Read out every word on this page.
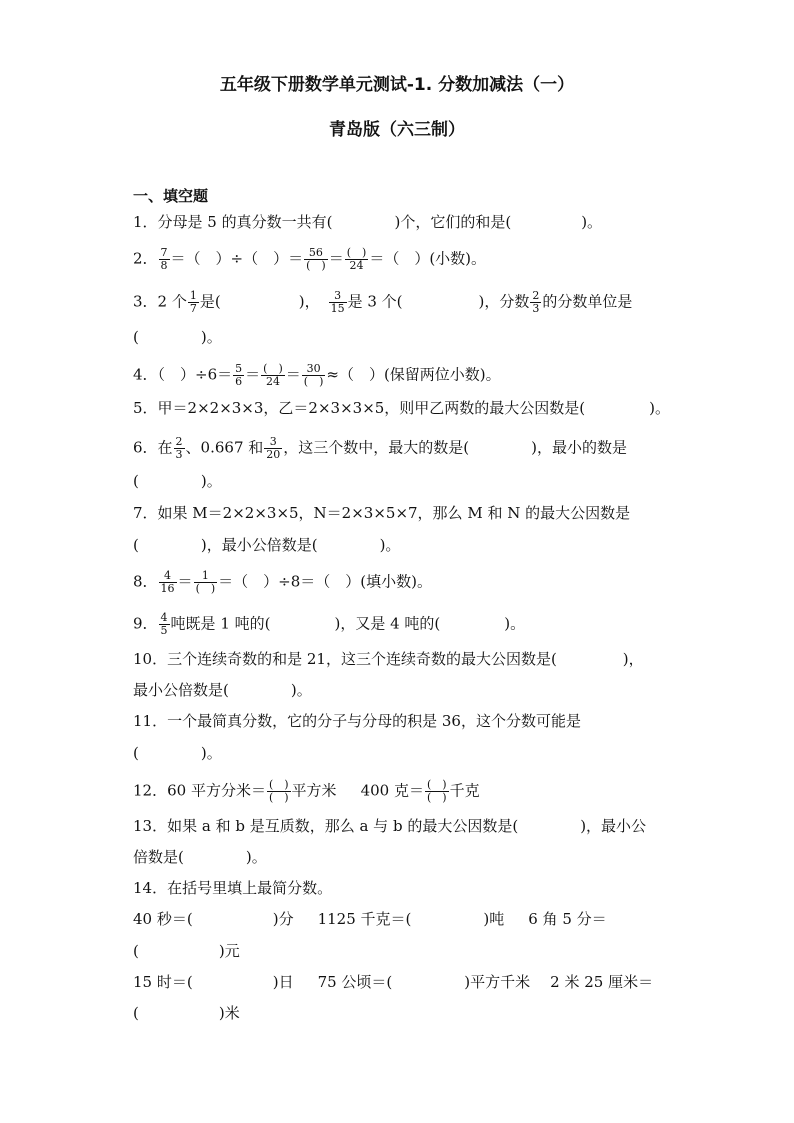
五年级下册数学单元测试-1. 分数加减法（一）
青岛版（六三制）
一、填空题
1．分母是 5 的真分数一共有(	)个，它们的和是(	)。
2． $\frac{7}{8}$ ＝（　）÷（　）＝ $\frac{56}{( )} = \frac{( )}{24}$ ＝（　）(小数)。
3．2 个 $\frac{1}{7}$ 是(	)， $\frac{3}{15}$ 是 3 个(	)，分数 $\frac{2}{3}$ 的分数单位是
(	)。
4．（　）$\div 6= \frac{5}{6} = \frac{( )}{24} = \frac{30}{( )}$ ≈（　）(保留两位小数)。
5．甲＝2×2×3×3，乙＝2×3×3×5，则甲乙两数的最大公因数是(	)。
6．在 $\frac{2}{3}$ 、0.667 和 $\frac{3}{20}$ ，这三个数中，最大的数是(	)，最小的数是
(	)。
7．如果 M＝2×2×3×5，N＝2×3×5×7，那么 M 和 N 的最大公因数是
(	)，最小公倍数是(	)。
8． $\frac{4}{16} = \frac{1}{( )}$ ＝（　）÷8＝（　）(填小数)。
9． $\frac{4}{5}$ 吨既是 1 吨的(	)，又是 4 吨的(	)。
10．三个连续奇数的和是 21，这三个连续奇数的最大公因数是(	)，
最小公倍数是(	)。
11．一个最简真分数，它的分子与分母的积是 36，这个分数可能是
(	)。
12．60 平方分米＝ $\frac{( )}{( )}$ 平方米 400 克＝ $\frac{( )}{( )}$ 千克
13．如果 a 和 b 是互质数，那么 a 与 b 的最大公因数是(	)，最小公
倍数是(	)。
14．在括号里填上最简分数。
40 秒＝(	)分 1125 千克＝(	)吨 6 角 5 分＝
(	)元
15 时＝(	)日 75 公顷＝(	)平方千米 2 米 25 厘米＝
(	)米
